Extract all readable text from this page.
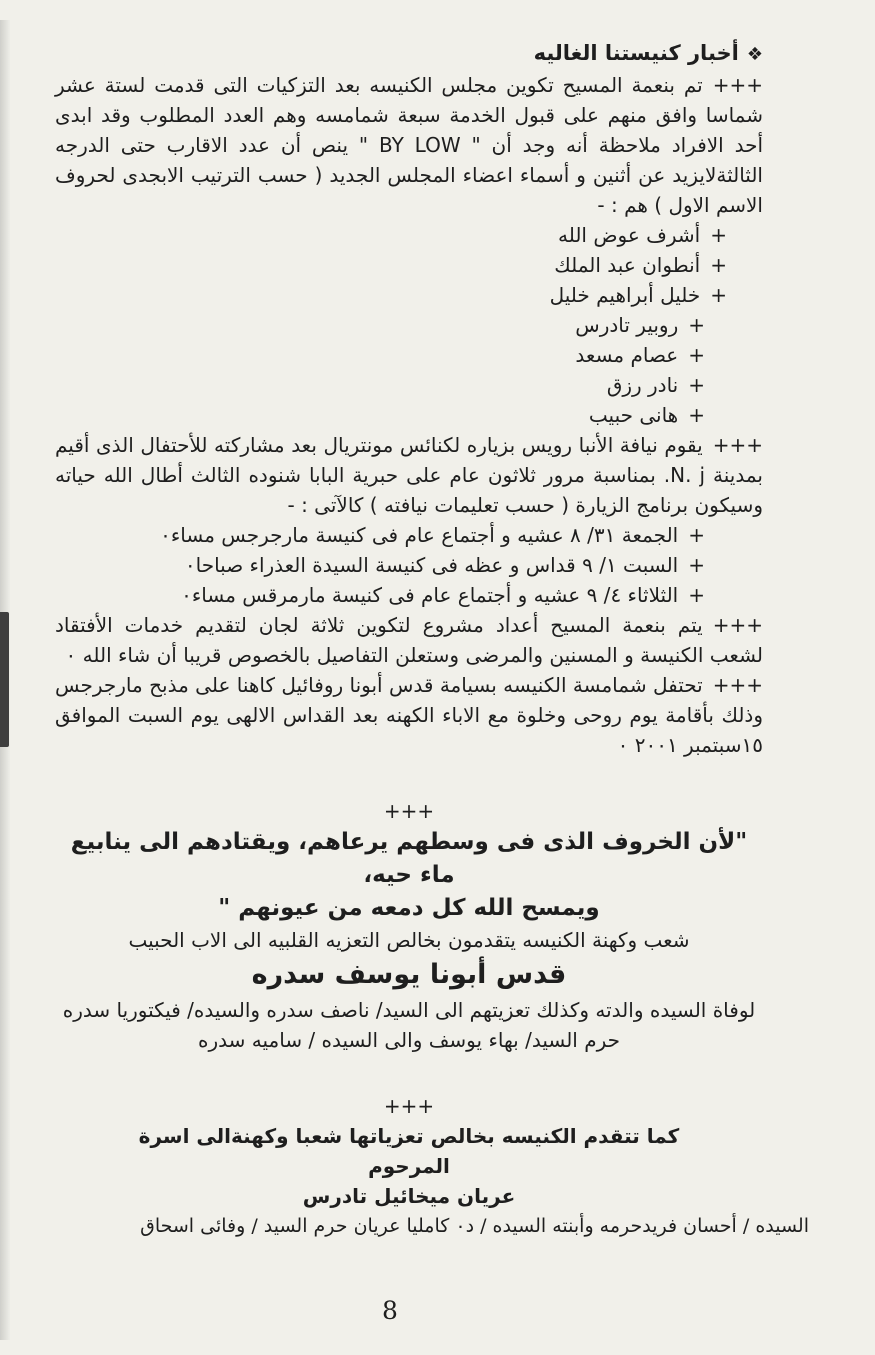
❖أخبار كنيستنا الغاليه
+++تم بنعمة المسيح تكوين مجلس الكنيسه بعد التزكيات التى قدمت لستة عشر شماسا وافق منهم على قبول الخدمة سبعة شمامسه وهم العدد المطلوب وقد ابدى أحد الافراد ملاحظة أنه وجد أن " BY LOW " ينص أن عدد الاقارب حتى الدرجه الثالثةلايزيد عن أثنين و أسماء اعضاء المجلس الجديد ( حسب الترتيب الابجدى لحروف الاسم الاول ) هم : -
+أشرف عوض الله
+أنطوان عبد الملك
+خليل أبراهيم خليل
+روبير تادرس
+عصام مسعد
+نادر رزق
+هانى حبيب
+++يقوم نيافة الأنبا رويس بزياره لكنائس مونتريال بعد مشاركته للأحتفال الذى أقيم بمدينة N. j. بمناسبة مرور ثلاثون عام على حبرية البابا شنوده الثالث أطال الله حياته وسيكون برنامج الزيارة ( حسب تعليمات نيافته ) كالآتى : -
+الجمعة ٣١/ ٨ عشيه و أجتماع عام فى كنيسة مارجرجس مساء٠
+السبت ١/ ٩ قداس و عظه فى كنيسة السيدة العذراء صباحا٠
+الثلاثاء ٤/ ٩ عشيه و أجتماع عام فى كنيسة مارمرقس مساء٠
+++يتم بنعمة المسيح أعداد مشروع لتكوين ثلاثة لجان لتقديم خدمات الأفتقاد لشعب الكنيسة و المسنين والمرضى وستعلن التفاصيل بالخصوص قريبا أن شاء الله ٠
+++تحتفل شمامسة الكنيسه بسيامة قدس أبونا روفائيل كاهنا على مذبح مارجرجس وذلك بأقامة يوم روحى وخلوة مع الاباء الكهنه بعد القداس الالهى يوم السبت الموافق ١٥سبتمبر ٢٠٠١ ٠
+++
"لأن الخروف الذى فى وسطهم يرعاهم، ويقتادهم الى ينابيع ماء حيه،
ويمسح الله كل دمعه من عيونهم "
شعب وكهنة الكنيسه يتقدمون بخالص التعزيه القلبيه الى الاب الحبيب
قدس أبونا يوسف سدره
لوفاة السيده والدته وكذلك تعزيتهم الى السيد/ ناصف سدره والسيده/ فيكتوريا سدره
حرم السيد/ بهاء يوسف والى السيده / ساميه سدره
+++
كما تتقدم الكنيسه بخالص تعزياتها شعبا وكهنةالى اسرة
المرحوم
عريان ميخائيل تادرس
السيده / أحسان فريدحرمه وأبنته السيده / د٠ كامليا عريان حرم السيد / وفائى اسحاق
8
